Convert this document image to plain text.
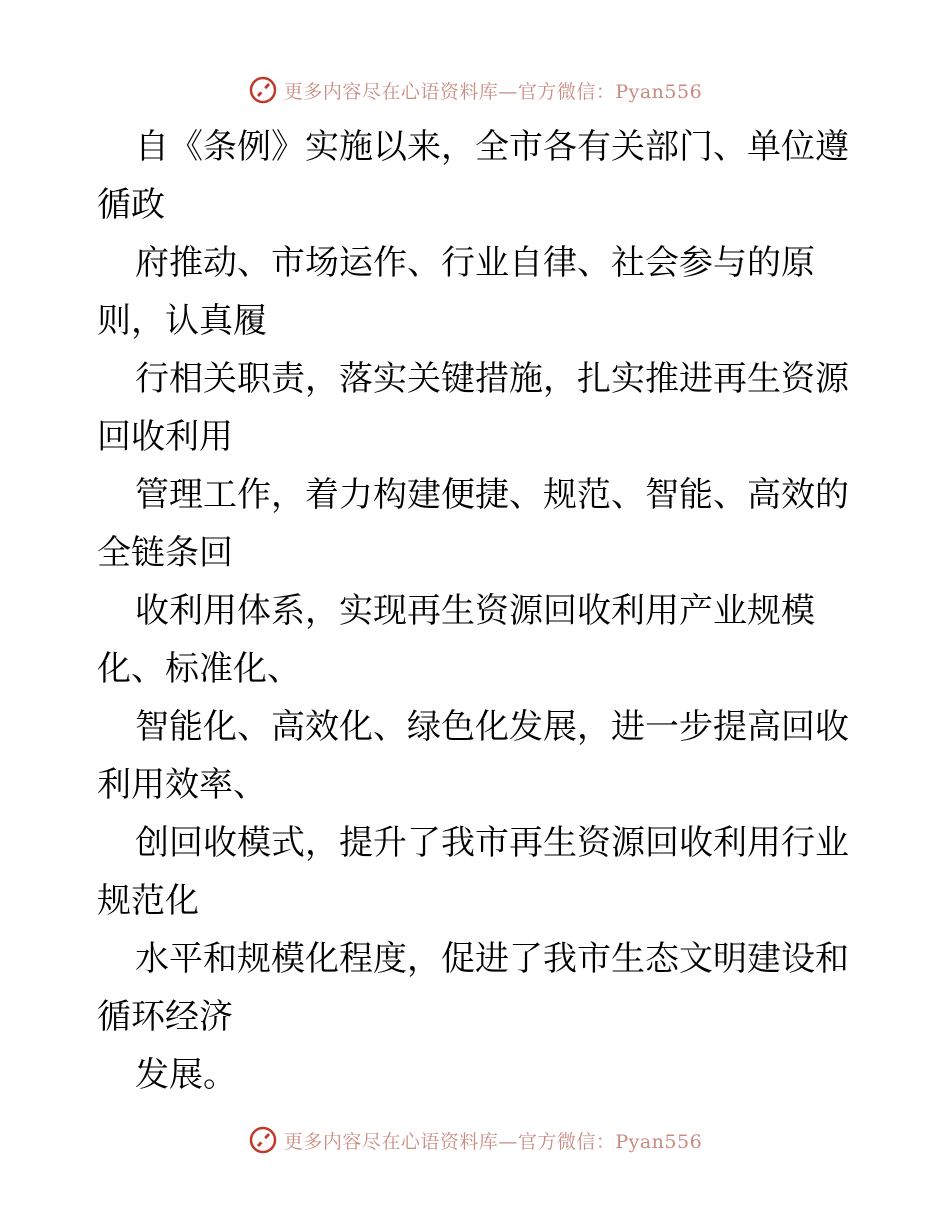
更多内容尽在心语资料库—官方微信：Pyan556
自《条例》实施以来，全市各有关部门、单位遵
循政
府推动、市场运作、行业自律、社会参与的原
则，认真履
行相关职责，落实关键措施，扎实推进再生资源
回收利用
管理工作，着力构建便捷、规范、智能、高效的
全链条回
收利用体系，实现再生资源回收利用产业规模
化、标准化、
智能化、高效化、绿色化发展，进一步提高回收
利用效率、
创回收模式，提升了我市再生资源回收利用行业
规范化
水平和规模化程度，促进了我市生态文明建设和
循环经济
发展。
更多内容尽在心语资料库—官方微信：Pyan556
